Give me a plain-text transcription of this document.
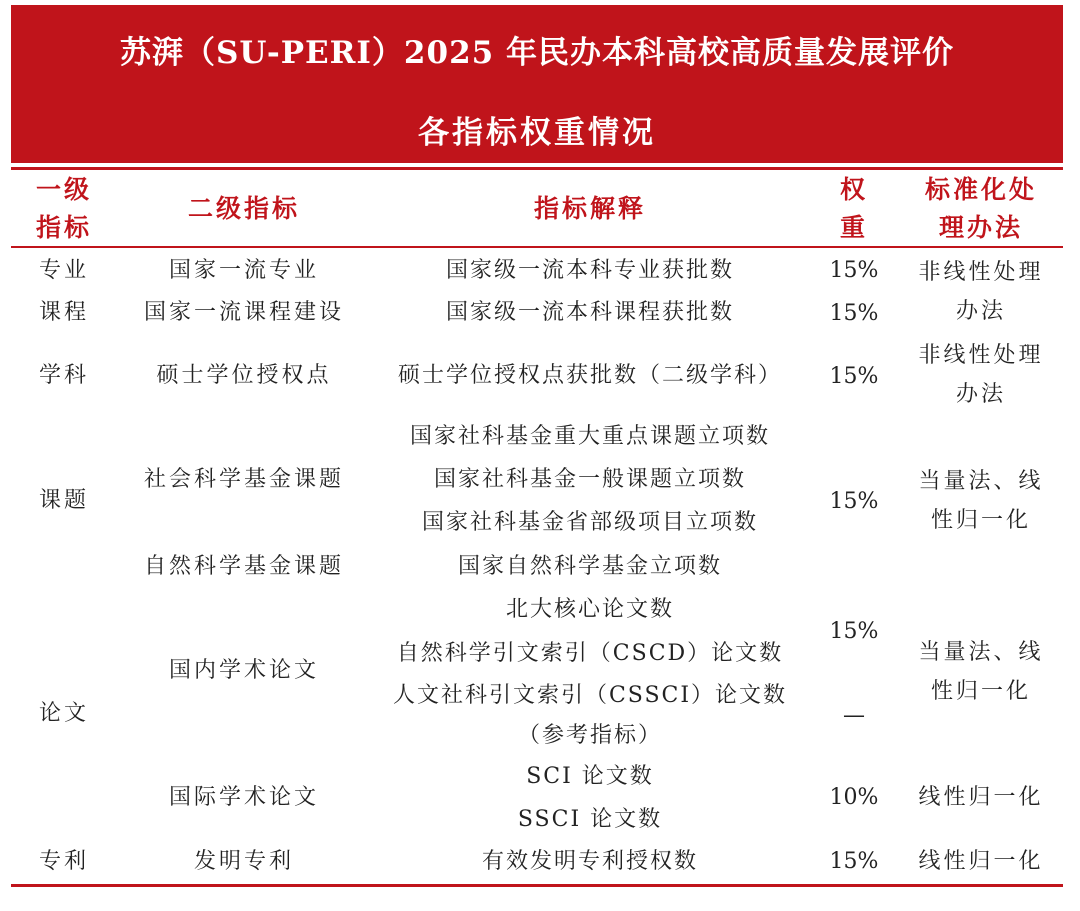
苏湃（SU-PERI）2025 年民办本科高校高质量发展评价
各指标权重情况
一级
指标
二级指标	指标解释
权
重
标准化处
理办法
专业
课程
学科
课题
论文
专利
国家一流专业
国家一流课程建设
硕士学位授权点
社会科学基金课题
自然科学基金课题
国内学术论文
国际学术论文
发明专利
国家级一流本科专业获批数
国家级一流本科课程获批数
硕士学位授权点获批数（二级学科）
国家社科基金重大重点课题立项数
国家社科基金一般课题立项数
国家社科基金省部级项目立项数
国家自然科学基金立项数
北大核心论文数
自然科学引文索引（CSCD）论文数
人文社科引文索引（CSSCI）论文数
（参考指标）
SCI 论文数
SSCI 论文数
有效发明专利授权数
15%
15%
15%
15%
15%
—
10%
15%
非线性处理
办法
非线性处理
办法
当量法、线
性归一化
当量法、线
性归一化
线性归一化
线性归一化
